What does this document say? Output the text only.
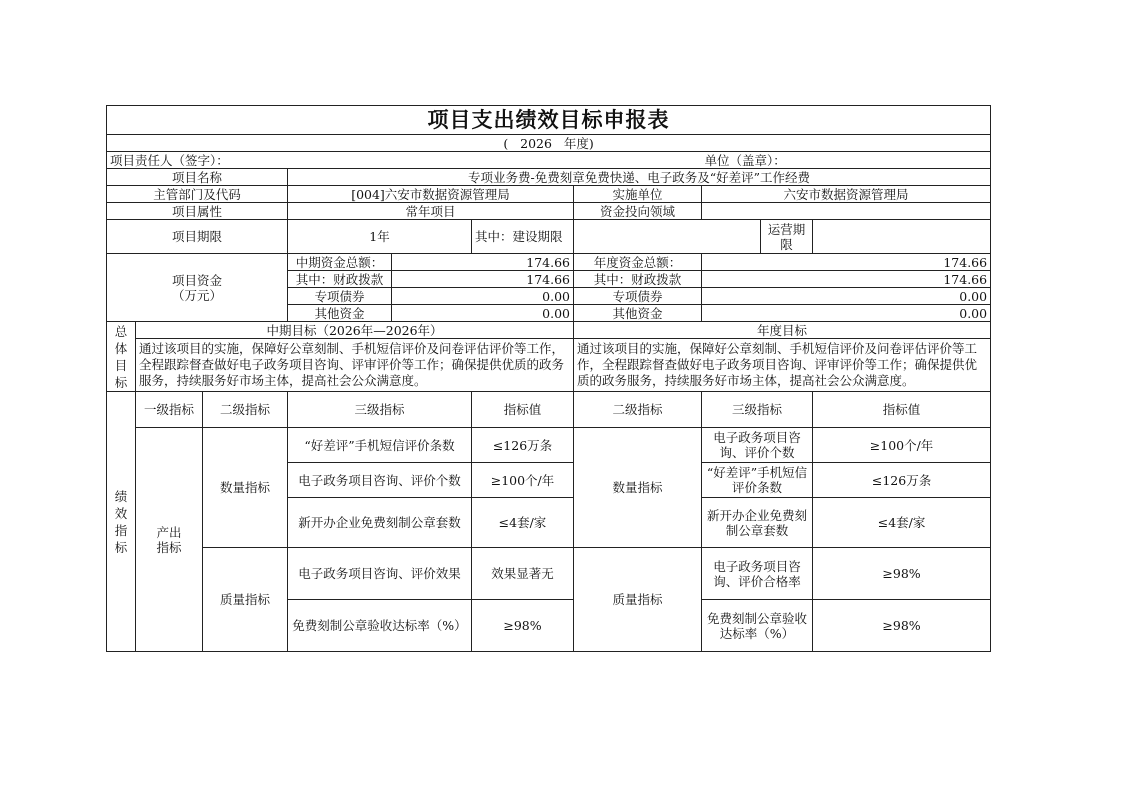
项目支出绩效目标申报表									
(   2026   年度)									
项目责任人（签字）：							单位（盖章）：		
项目名称			专项业务费-免费刻章免费快递、电子政务及“好差评”工作经费						
主管部门及代码			[004]六安市数据资源管理局			实施单位	六安市数据资源管理局		
项目属性			常年项目			资金投向领域			
项目期限			1年		其中：建设期限			运营期限	

项目资金
（万元）			中期资金总额：	174.66		年度资金总额：	174.66		
			其中：财政拨款	174.66		其中：财政拨款	174.66		
			专项债券	0.00		专项债券	0.00		
			其他资金	0.00		其他资金	0.00		
总体目标	中期目标（2026年—2026年）					年度目标			
	通过该项目的实施，保障好公章刻制、手机短信评价及问卷评估评价等工作，全程跟踪督查做好电子政务项目咨询、评审评价等工作；确保提供优质的政务服务，持续服务好市场主体，提高社会公众满意度。					通过该项目的实施，保障好公章刻制、手机短信评价及问卷评估评价等工作，全程跟踪督查做好电子政务项目咨询、评审评价等工作；确保提供优质的政务服务，持续服务好市场主体，提高社会公众满意度。			
绩效指标	一级指标	二级指标	三级指标		指标值	二级指标	三级指标		指标值
	产出指标	数量指标	“好差评”手机短信评价条数		≤126万条	数量指标	电子政务项目咨询、评价个数		≥100个/年
			电子政务项目咨询、评价个数		≥100个/年		“好差评”手机短信评价条数		≤126万条
			新开办企业免费刻制公章套数		≤4套/家		新开办企业免费刻制公章套数		≤4套/家
		质量指标	电子政务项目咨询、评价效果		效果显著无	质量指标	电子政务项目咨询、评价合格率		≥98%
			免费刻制公章验收达标率（%）		≥98%		免费刻制公章验收达标率（%）		≥98%
